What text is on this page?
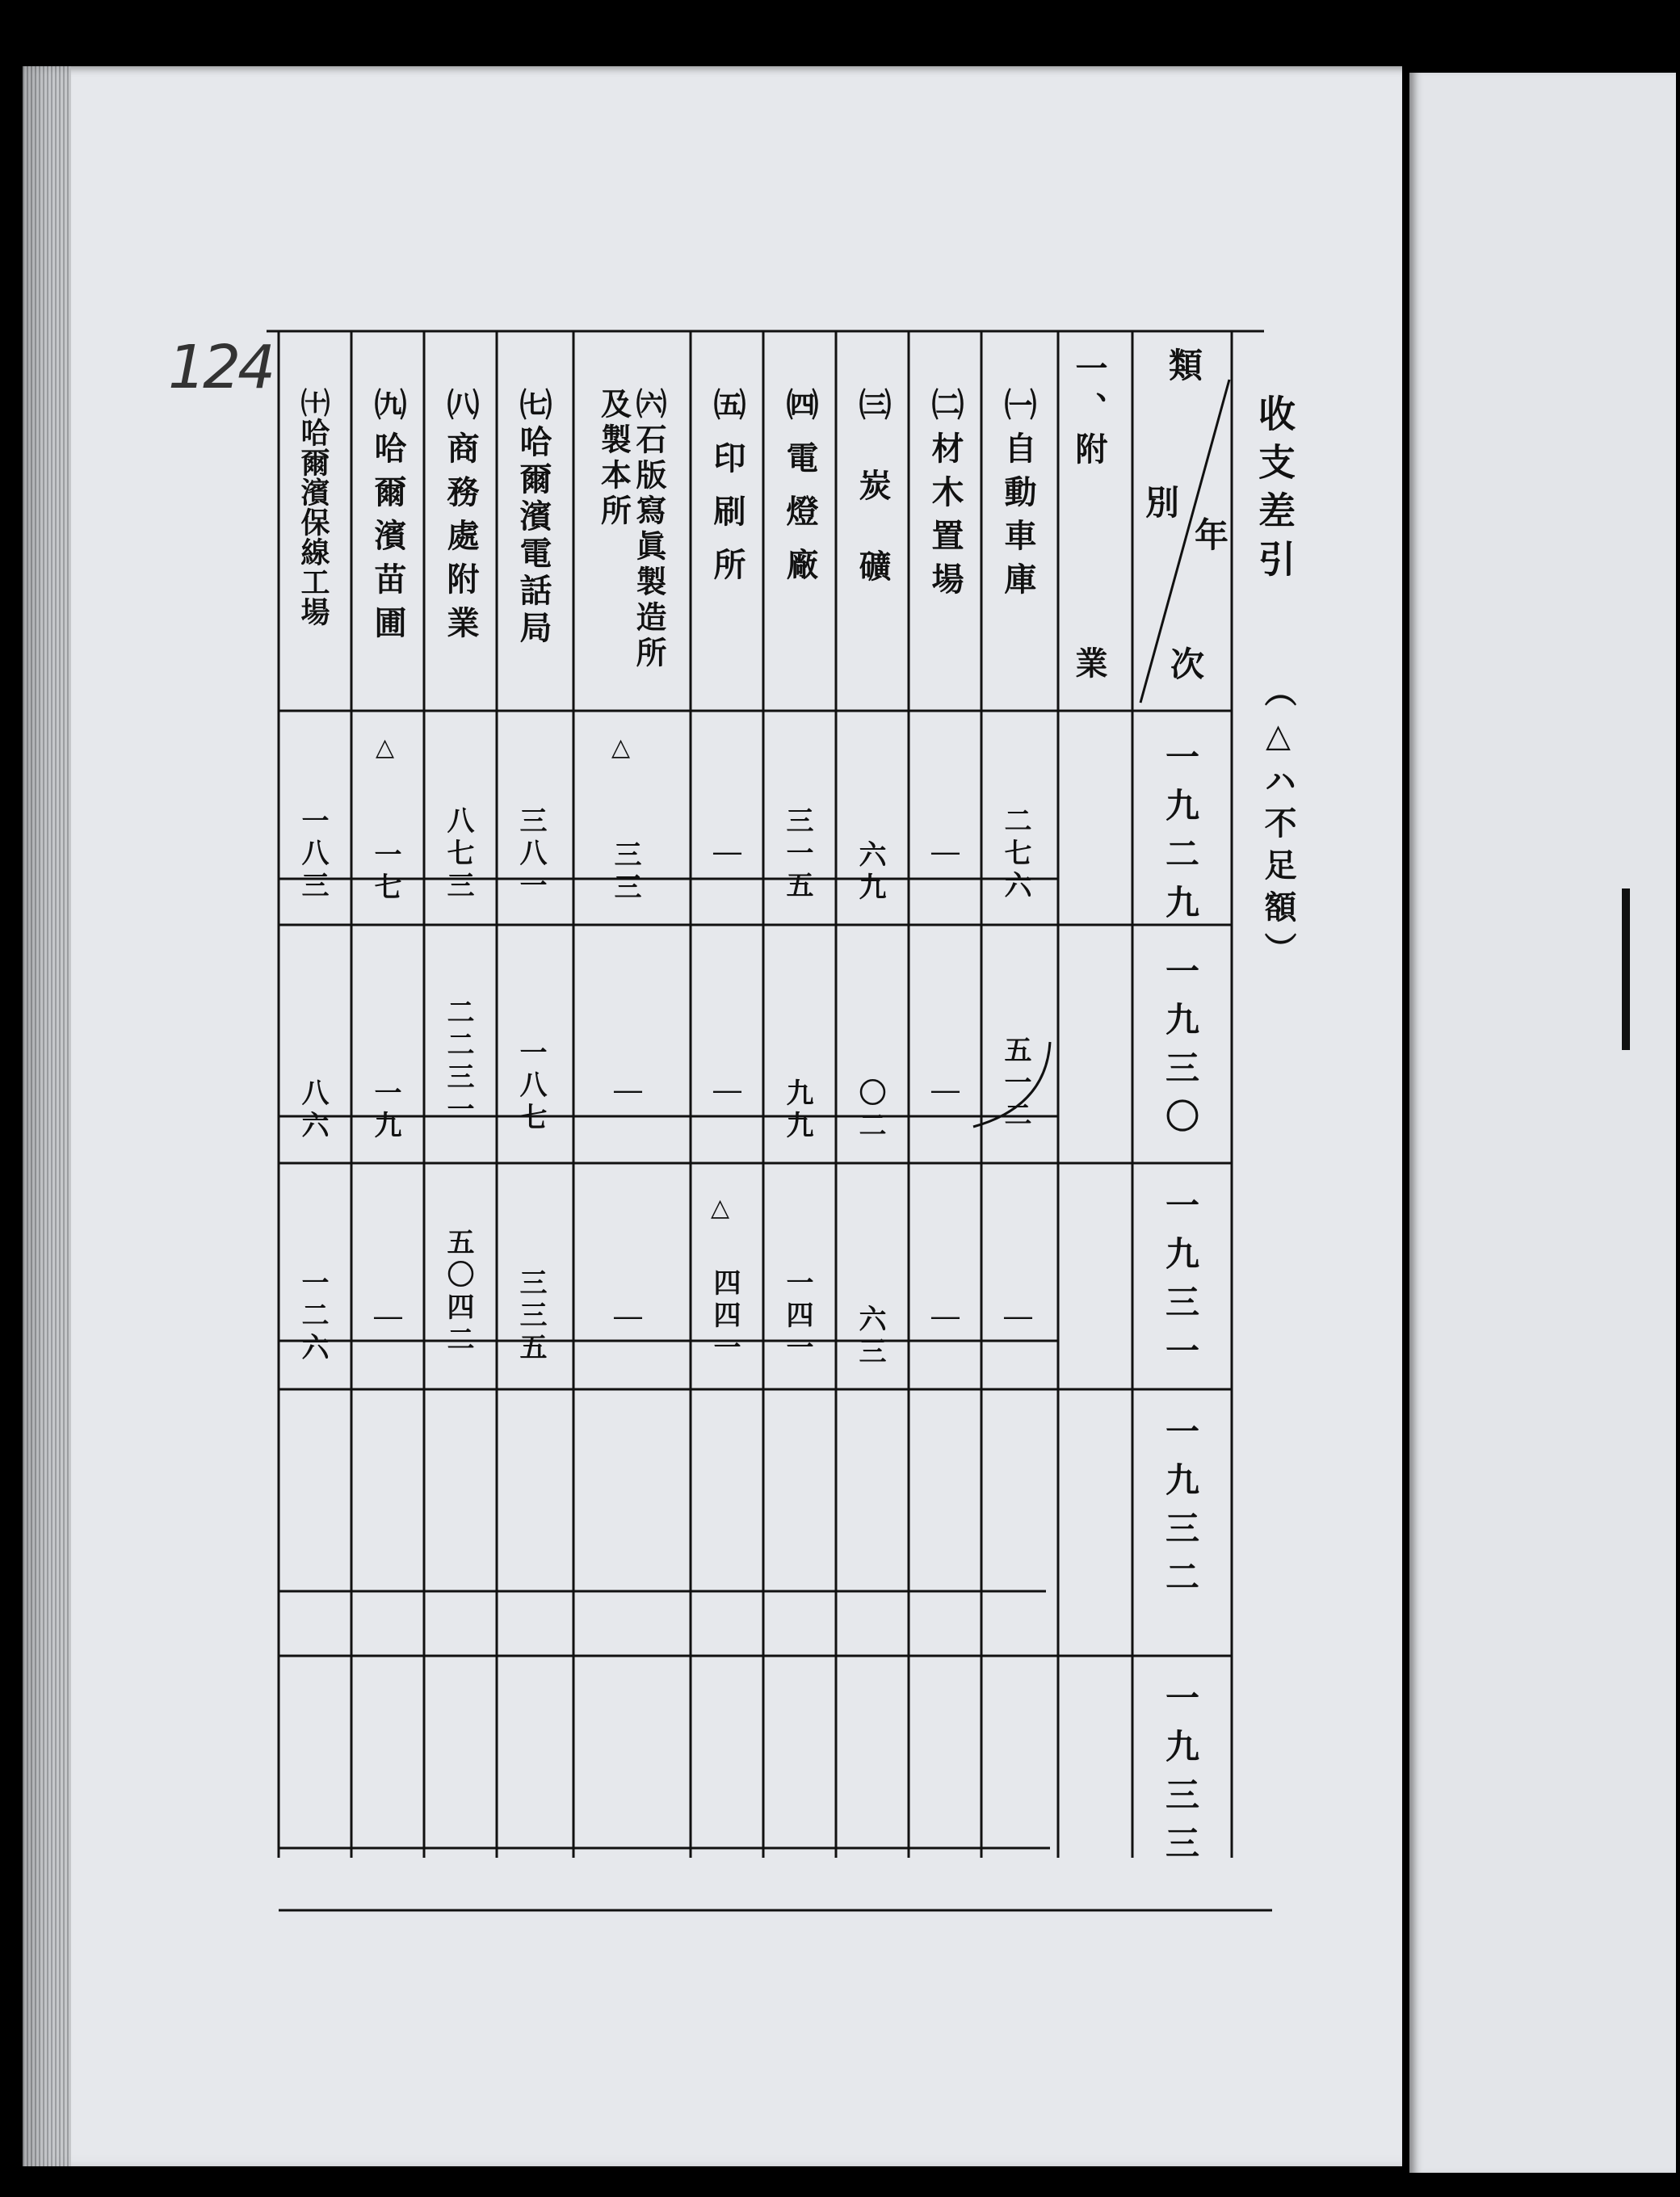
124
收支差引
（△ハ不足額）
類
別
年
次
一、附
業
一九二九
一九三〇
一九三一
一九三二
一九三三
㈠自動車庫
㈡材木置場
㈢炭礦
㈣電燈廠
㈤印刷所
㈥石版寫眞製造所及製本所
㈦哈爾濱電話局
㈧商務處附業
㈨哈爾濱苗圃
㈩哈爾濱保線工場
△
△
△
二七六
｜
六九
三一五
｜
三三
三八一
八七三
一七
一八三
五一二
｜
〇二
九九
｜
｜
一八七
二二三一
一九
八六
｜
｜
六三
一四一
四四一
｜
三三五
五〇四二
｜
一二六
